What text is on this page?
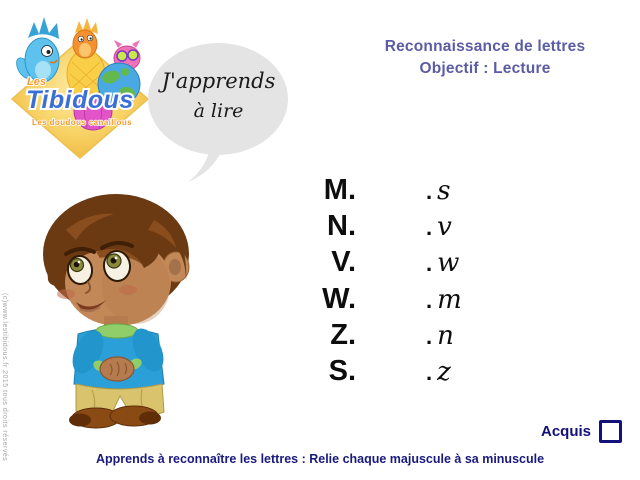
(c)www.lestibidous.fr 2015 tous droits réservés
Les
Tibidous
Les doudous canaillous
J'apprends
à lire
Reconnaissance de lettres
Objectif : Lecture
M.	. s
N.	. v
V.	. w
W.	. m
Z.	. n
S.	. z
Acquis
Apprends à reconnaître les lettres : Relie chaque majuscule à sa minuscule
